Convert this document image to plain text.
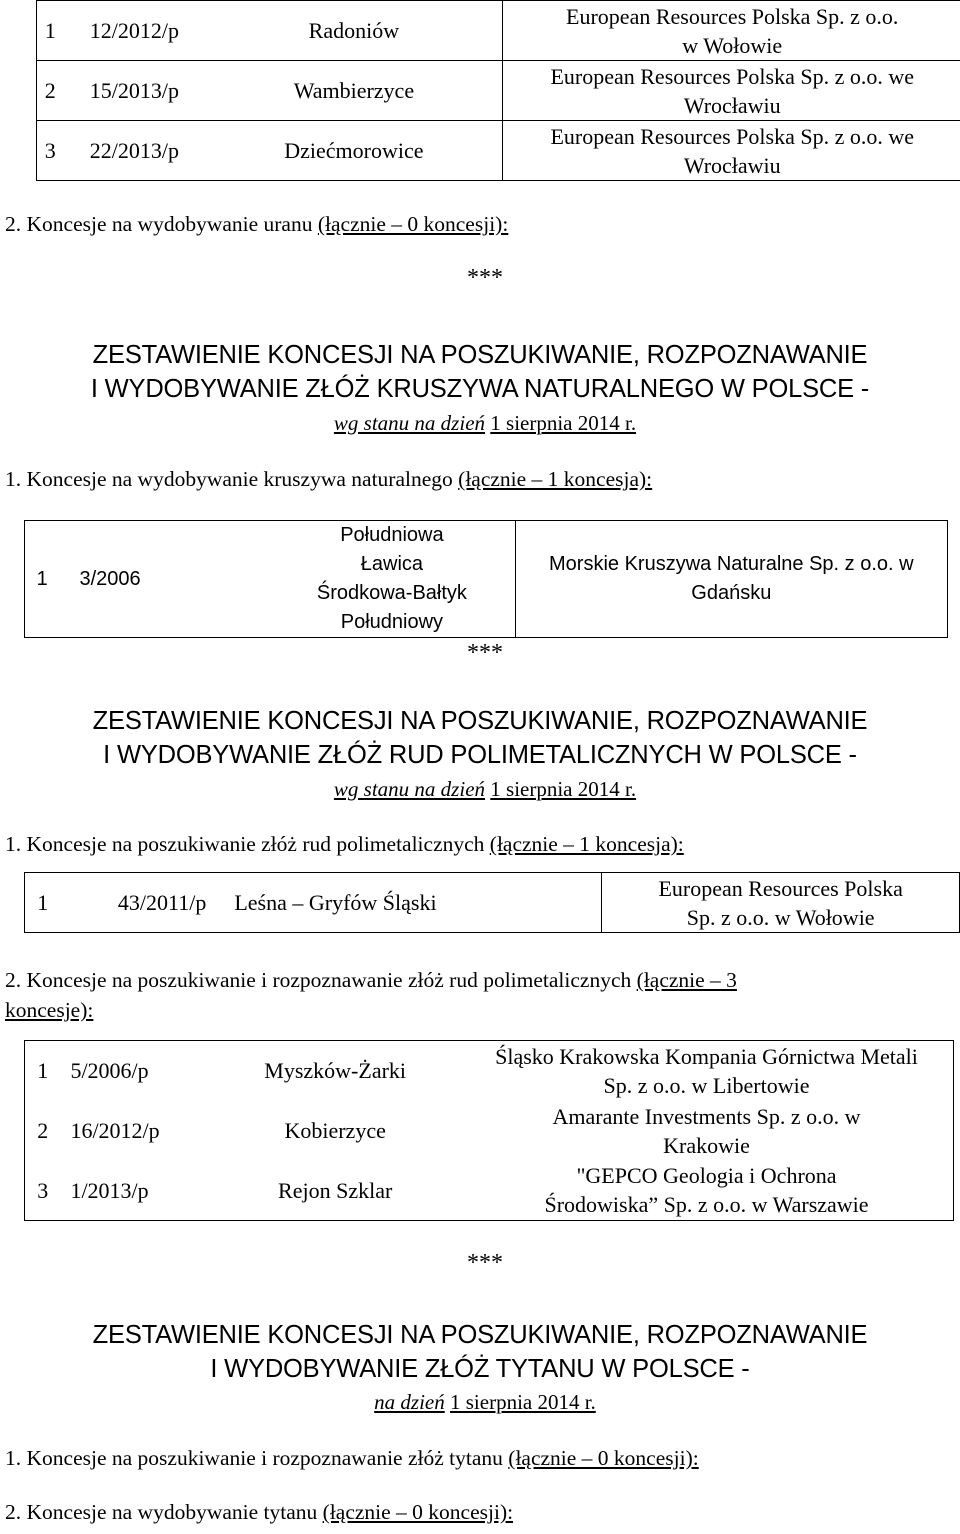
1	12/2012/p	Radoniów	European Resources Polska Sp. z o.o. w Wołowie
2	15/2013/p	Wambierzyce	European Resources Polska Sp. z o.o. we Wrocławiu
3	22/2013/p	Dziećmorowice	European Resources Polska Sp. z o.o. we Wrocławiu
2. Koncesje na wydobywanie uranu (łącznie – 0 koncesji):
***
ZESTAWIENIE KONCESJI NA POSZUKIWANIE, ROZPOZNAWANIE
I WYDOBYWANIE ZŁÓŻ KRUSZYWA NATURALNEGO W POLSCE -
wg stanu na dzień 1 sierpnia 2014 r.
1. Koncesje na wydobywanie kruszywa naturalnego (łącznie – 1 koncesja):
1	3/2006	Południowa Ławica Środkowa-Bałtyk Południowy	Morskie Kruszywa Naturalne Sp. z o.o. w Gdańsku
***
ZESTAWIENIE KONCESJI NA POSZUKIWANIE, ROZPOZNAWANIE
I WYDOBYWANIE ZŁÓŻ RUD POLIMETALICZNYCH W POLSCE -
wg stanu na dzień 1 sierpnia 2014 r.
1. Koncesje na poszukiwanie złóż rud polimetalicznych (łącznie – 1 koncesja):
1	43/2011/p	Leśna – Gryfów Śląski	European Resources Polska Sp. z o.o. w Wołowie
2. Koncesje na poszukiwanie i rozpoznawanie złóż rud polimetalicznych (łącznie – 3
koncesje):
1	5/2006/p	Myszków-Żarki	Śląsko Krakowska Kompania Górnictwa Metali Sp. z o.o. w Libertowie
2	16/2012/p	Kobierzyce	Amarante Investments Sp. z o.o. w Krakowie
3	1/2013/p	Rejon Szklar	"GEPCO Geologia i Ochrona Środowiska” Sp. z o.o. w Warszawie
***
ZESTAWIENIE KONCESJI NA POSZUKIWANIE, ROZPOZNAWANIE
I WYDOBYWANIE ZŁÓŻ TYTANU W POLSCE -
na dzień 1 sierpnia 2014 r.
1. Koncesje na poszukiwanie i rozpoznawanie złóż tytanu (łącznie – 0 koncesji):
2. Koncesje na wydobywanie tytanu (łącznie – 0 koncesji):
